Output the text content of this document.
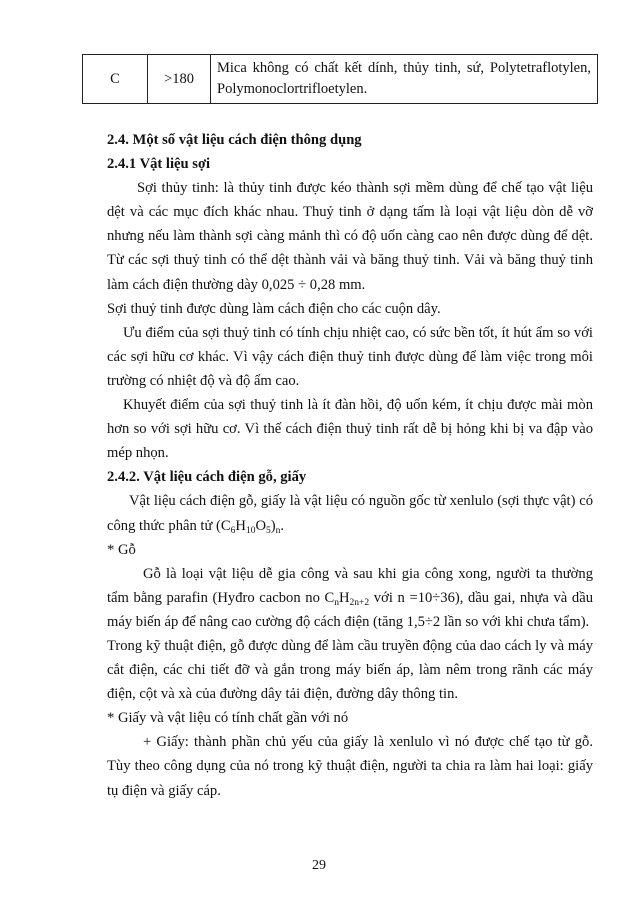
C	>180	Mica không có chất kết dính, thủy tinh, sứ, Polytetraflotylen, Polymonoclortrifloetylen.

2.4. Một số vật liệu cách điện thông dụng

2.4.1 Vật liệu sợi

Sợi thủy tinh: là thủy tinh được kéo thành sợi mềm dùng để chế tạo vật liệu dệt và các mục đích khác nhau. Thuỷ tinh ở dạng tấm là loại vật liệu dòn dễ vỡ nhưng nếu làm thành sợi càng mảnh thì có độ uốn càng cao nên được dùng để dệt. Từ các sợi thuỷ tinh có thể dệt thành vải và băng thuỷ tinh. Vải và băng thuỷ tinh làm cách điện thường dày 0,025 ÷ 0,28 mm.

Sợi thuỷ tinh được dùng làm cách điện cho các cuộn dây.

Ưu điểm của sợi thuỷ tinh có tính chịu nhiệt cao, có sức bền tốt, ít hút ẩm so với các sợi hữu cơ khác. Vì vậy cách điện thuỷ tinh được dùng để làm việc trong môi trường có nhiệt độ và độ ẩm cao.

Khuyết điểm của sợi thuỷ tinh là ít đàn hồi, độ uốn kém, ít chịu được mài mòn hơn so với sợi hữu cơ. Vì thế cách điện thuỷ tinh rất dễ bị hỏng khi bị va đập vào mép nhọn.

2.4.2. Vật liệu cách điện gỗ, giấy

Vật liệu cách điện gỗ, giấy là vật liệu có nguồn gốc từ xenlulo (sợi thực vật) có công thức phân tử $(C_6H_{10}O_5)_n$.

* Gỗ

Gỗ là loại vật liệu dễ gia công và sau khi gia công xong, người ta thường tẩm bằng parafin (Hyđro cacbon no $C_nH_{2n+2}$ với n =10÷36), dầu gai, nhựa và dầu máy biến áp để nâng cao cường độ cách điện (tăng 1,5÷2 lần so với khi chưa tẩm).

Trong kỹ thuật điện, gỗ được dùng để làm cầu truyền động của dao cách ly và máy cắt điện, các chi tiết đỡ và gắn trong máy biến áp, làm nêm trong rãnh các máy điện, cột và xà của đường dây tải điện, đường dây thông tin.

* Giấy và vật liệu có tính chất gần với nó

+ Giấy: thành phần chủ yếu của giấy là xenlulo vì nó được chế tạo từ gỗ. Tùy theo công dụng của nó trong kỹ thuật điện, người ta chia ra làm hai loại: giấy tụ điện và giấy cáp.

29
